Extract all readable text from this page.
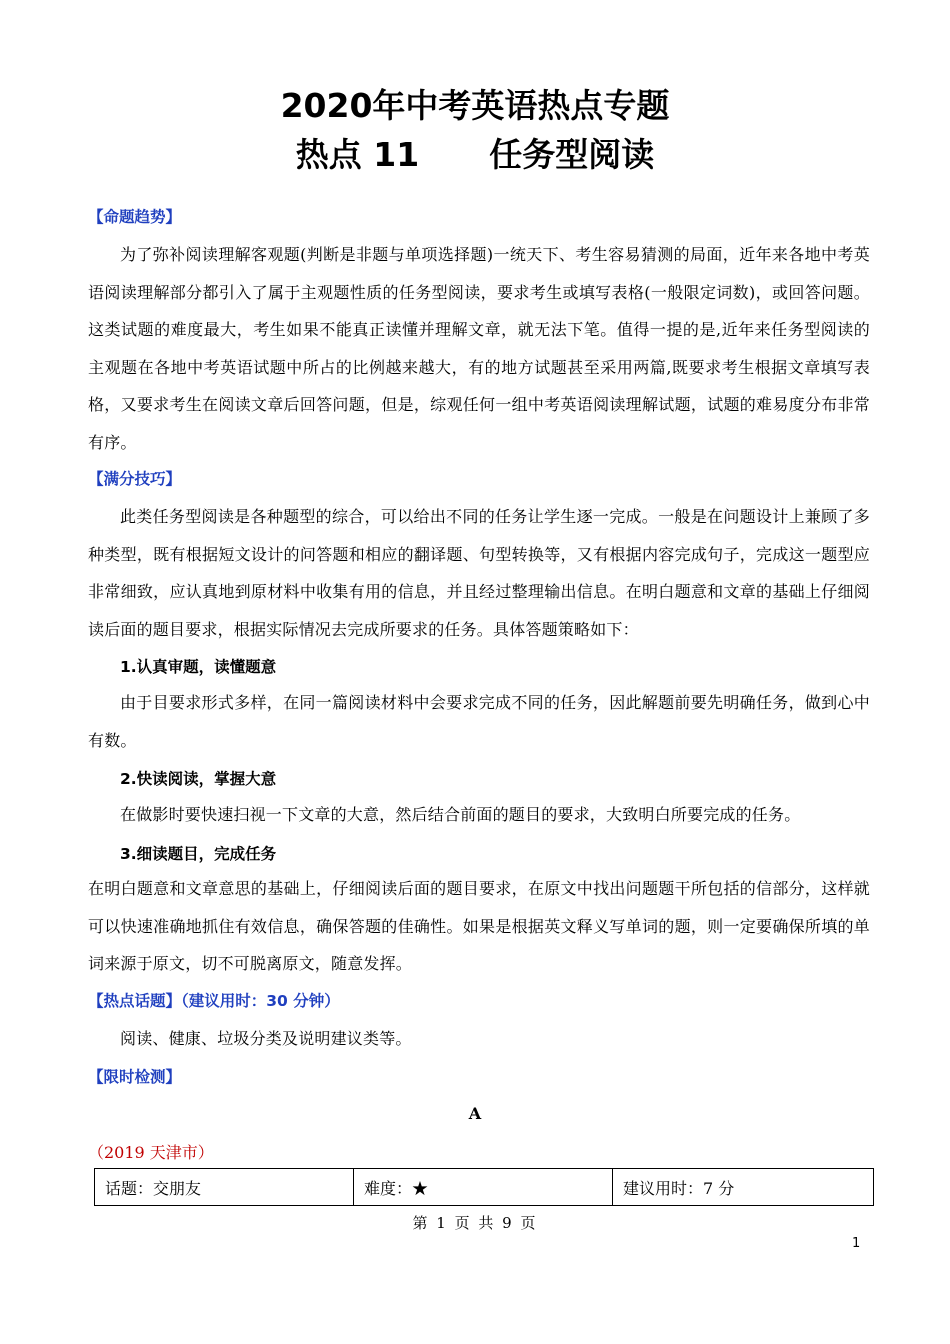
2020年中考英语热点专题
热点 11 任务型阅读
【命题趋势】
为了弥补阅读理解客观题(判断是非题与单项选择题)一统天下、考生容易猜测的局面，近年来各地中考英语阅读理解部分都引入了属于主观题性质的任务型阅读，要求考生或填写表格(一般限定词数)，或回答问题。这类试题的难度最大，考生如果不能真正读懂并理解文章，就无法下笔。值得一提的是,近年来任务型阅读的主观题在各地中考英语试题中所占的比例越来越大，有的地方试题甚至采用两篇,既要求考生根据文章填写表格，又要求考生在阅读文章后回答问题，但是，综观任何一组中考英语阅读理解试题，试题的难易度分布非常有序。
【满分技巧】
此类任务型阅读是各种题型的综合，可以给出不同的任务让学生逐一完成。一般是在问题设计上兼顾了多种类型，既有根据短文设计的问答题和相应的翻译题、句型转换等，又有根据内容完成句子，完成这一题型应非常细致，应认真地到原材料中收集有用的信息，并且经过整理输出信息。在明白题意和文章的基础上仔细阅读后面的题目要求，根据实际情况去完成所要求的任务。具体答题策略如下：
1.认真审题，读懂题意
由于目要求形式多样，在同一篇阅读材料中会要求完成不同的任务，因此解题前要先明确任务，做到心中有数。
2.快读阅读，掌握大意
在做影时要快速扫视一下文章的大意，然后结合前面的题目的要求，大致明白所要完成的任务。
3.细读题目，完成任务
在明白题意和文章意思的基础上，仔细阅读后面的题目要求，在原文中找出问题题干所包括的信部分，这样就可以快速准确地抓住有效信息，确保答题的佳确性。如果是根据英文释义写单词的题，则一定要确保所填的单词来源于原文，切不可脱离原文，随意发挥。
【热点话题】（建议用时：30 分钟）
阅读、健康、垃圾分类及说明建议类等。
【限时检测】
A
（2019 天津市）
话题：交朋友	难度：★	建议用时：7 分
第 1 页 共 9 页
1
